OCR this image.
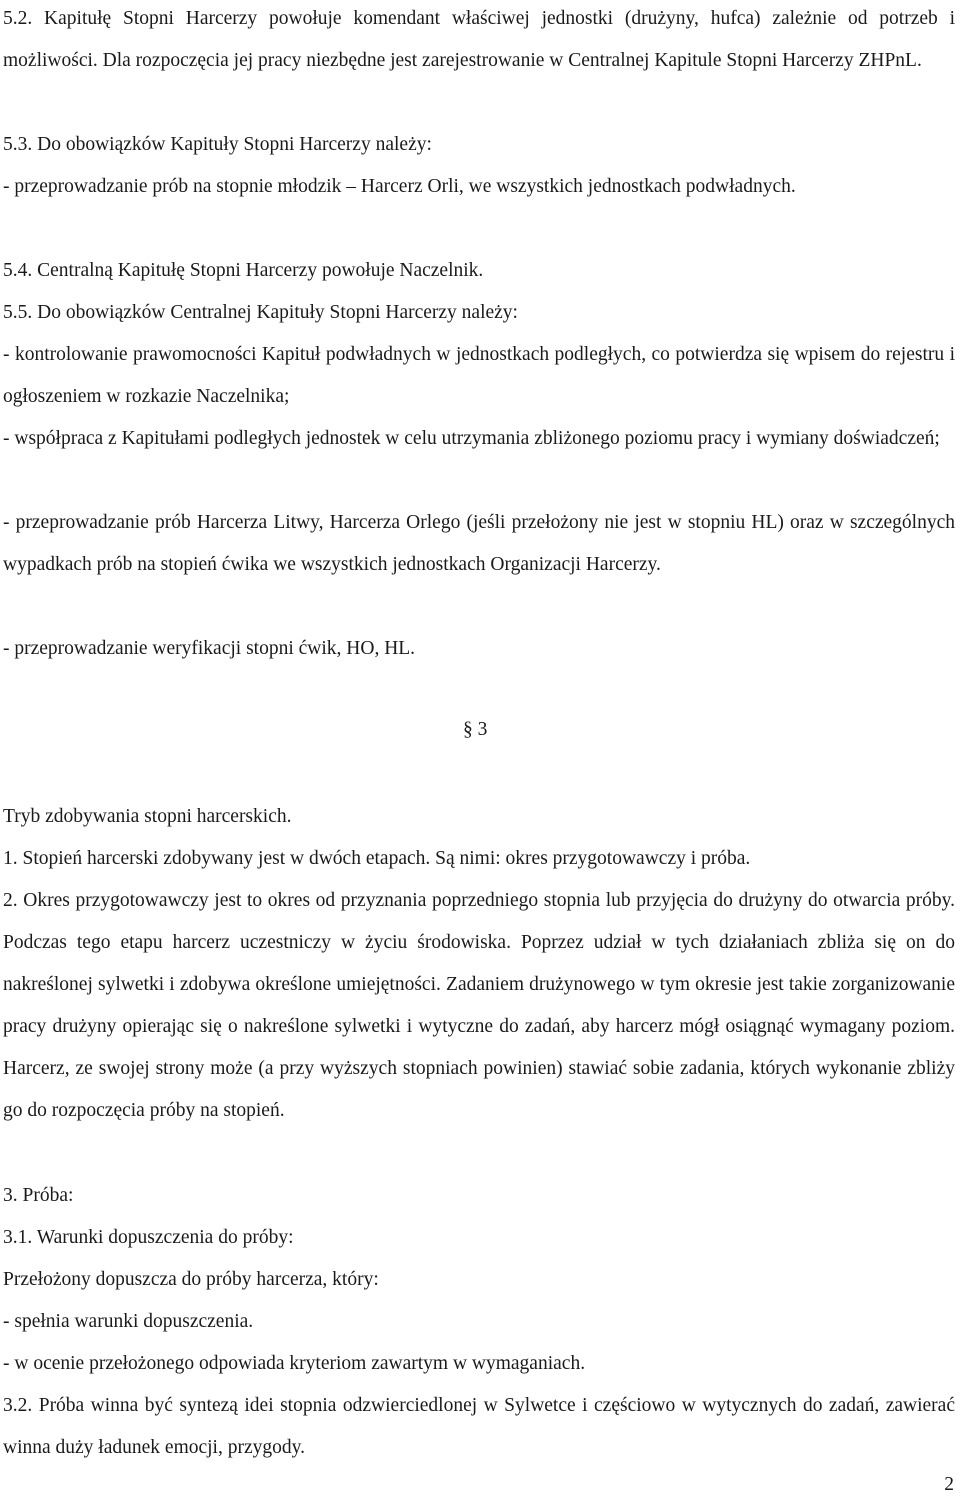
5.2. Kapitułę Stopni Harcerzy powołuje komendant właściwej jednostki (drużyny, hufca) zależnie od potrzeb i możliwości. Dla rozpoczęcia jej pracy niezbędne jest zarejestrowanie w Centralnej Kapitule Stopni Harcerzy ZHPnL.

5.3. Do obowiązków Kapituły Stopni Harcerzy należy:

- przeprowadzanie prób na stopnie młodzik – Harcerz Orli, we wszystkich jednostkach podwładnych.

5.4. Centralną Kapitułę Stopni Harcerzy powołuje Naczelnik.

5.5. Do obowiązków Centralnej Kapituły Stopni Harcerzy należy:

- kontrolowanie prawomocności Kapituł podwładnych w jednostkach podległych, co potwierdza się wpisem do rejestru i ogłoszeniem w rozkazie Naczelnika;

- współpraca z Kapitułami podległych jednostek w celu utrzymania zbliżonego poziomu pracy i wymiany doświadczeń;

- przeprowadzanie prób Harcerza Litwy, Harcerza Orlego (jeśli przełożony nie jest w stopniu HL) oraz w szczególnych wypadkach prób na stopień ćwika we wszystkich jednostkach Organizacji Harcerzy.

- przeprowadzanie weryfikacji stopni ćwik, HO, HL.

§ 3

Tryb zdobywania stopni harcerskich.

1. Stopień harcerski zdobywany jest w dwóch etapach. Są nimi: okres przygotowawczy i próba.

2. Okres przygotowawczy jest to okres od przyznania poprzedniego stopnia lub przyjęcia do drużyny do otwarcia próby. Podczas tego etapu harcerz uczestniczy w życiu środowiska. Poprzez udział w tych działaniach zbliża się on do nakreślonej sylwetki i zdobywa określone umiejętności. Zadaniem drużynowego w tym okresie jest takie zorganizowanie pracy drużyny opierając się o nakreślone sylwetki i wytyczne do zadań, aby harcerz mógł osiągnąć wymagany poziom. Harcerz, ze swojej strony może (a przy wyższych stopniach powinien) stawiać sobie zadania, których wykonanie zbliży go do rozpoczęcia próby na stopień.

3. Próba:

3.1. Warunki dopuszczenia do próby:

Przełożony dopuszcza do próby harcerza, który:

- spełnia warunki dopuszczenia.

- w ocenie przełożonego odpowiada kryteriom zawartym w wymaganiach.

3.2. Próba winna być syntezą idei stopnia odzwierciedlonej w Sylwetce i częściowo w wytycznych do zadań, zawierać winna duży ładunek emocji, przygody.

2
